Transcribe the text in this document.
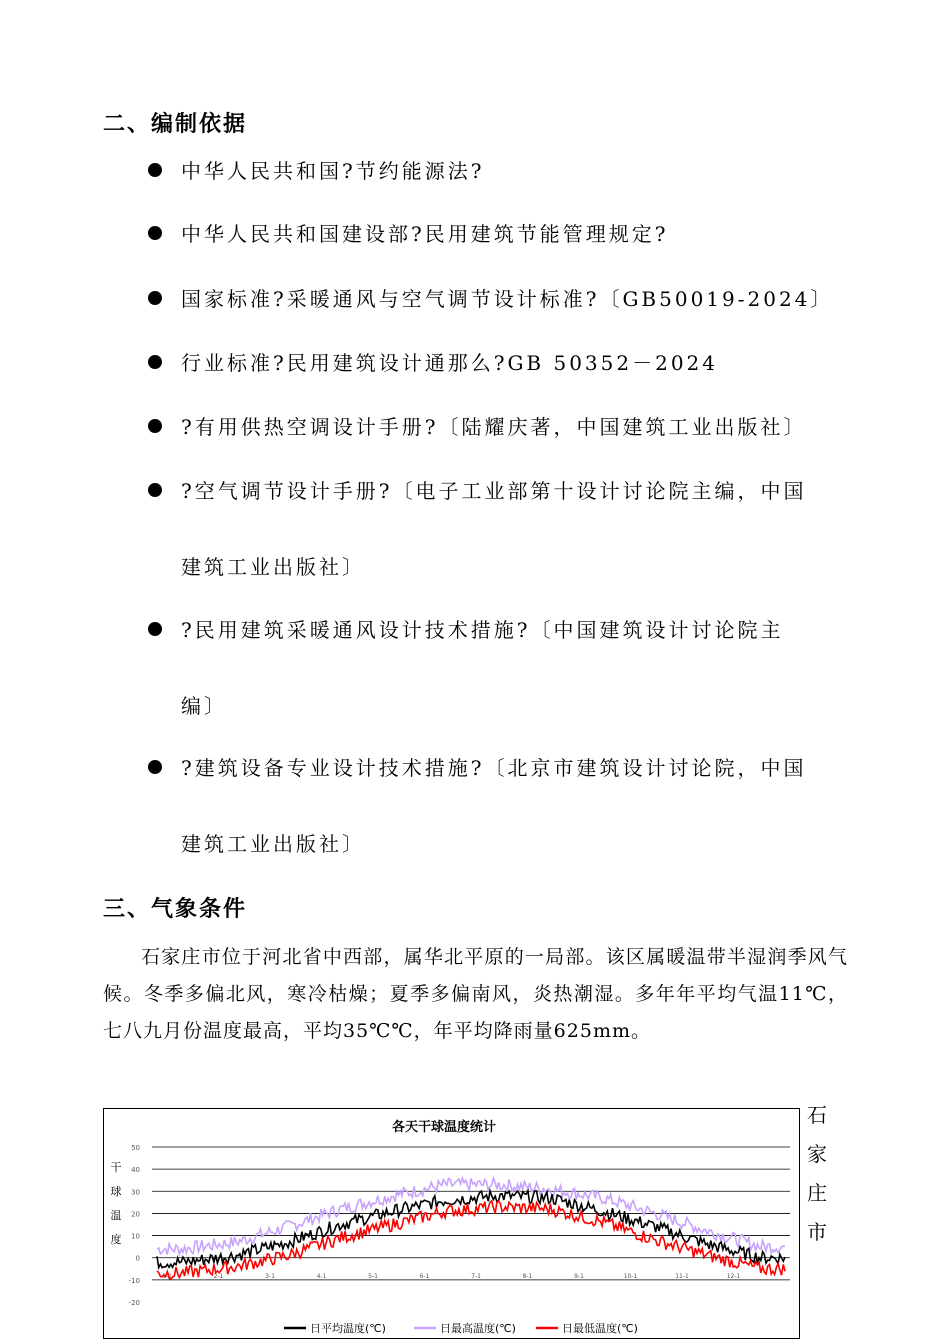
二、编制依据
中华人民共和国?节约能源法?
中华人民共和国建设部?民用建筑节能管理规定?
国家标准?采暖通风与空气调节设计标准?〔GB50019-2024〕
行业标准?民用建筑设计通那么?GB 50352－2024
?有用供热空调设计手册?〔陆耀庆著，中国建筑工业出版社〕
?空气调节设计手册?〔电子工业部第十设计讨论院主编，中国
建筑工业出版社〕
?民用建筑采暖通风设计技术措施?〔中国建筑设计讨论院主
编〕
?建筑设备专业设计技术措施?〔北京市建筑设计讨论院，中国
建筑工业出版社〕
三、气象条件

石家庄市位于河北省中西部，属华北平原的一局部。该区属暖温带半湿润季风气候。冬季多偏北风，寒冷枯燥；夏季多偏南风，炎热潮湿。多年年平均气温11℃，七八九月份温度最高，平均35℃℃，年平均降雨量625mm。

各天干球温度统计
干
球
温
度
50
40
30
20
10
0
-10
-20
1-1	2-1	3-1	4-1	5-1	6-1	7-1	8-1	9-1	10-1	11-1	12-1
日平均温度(℃)	日最高温度(℃)	日最低温度(℃)
石
家
庄
市
